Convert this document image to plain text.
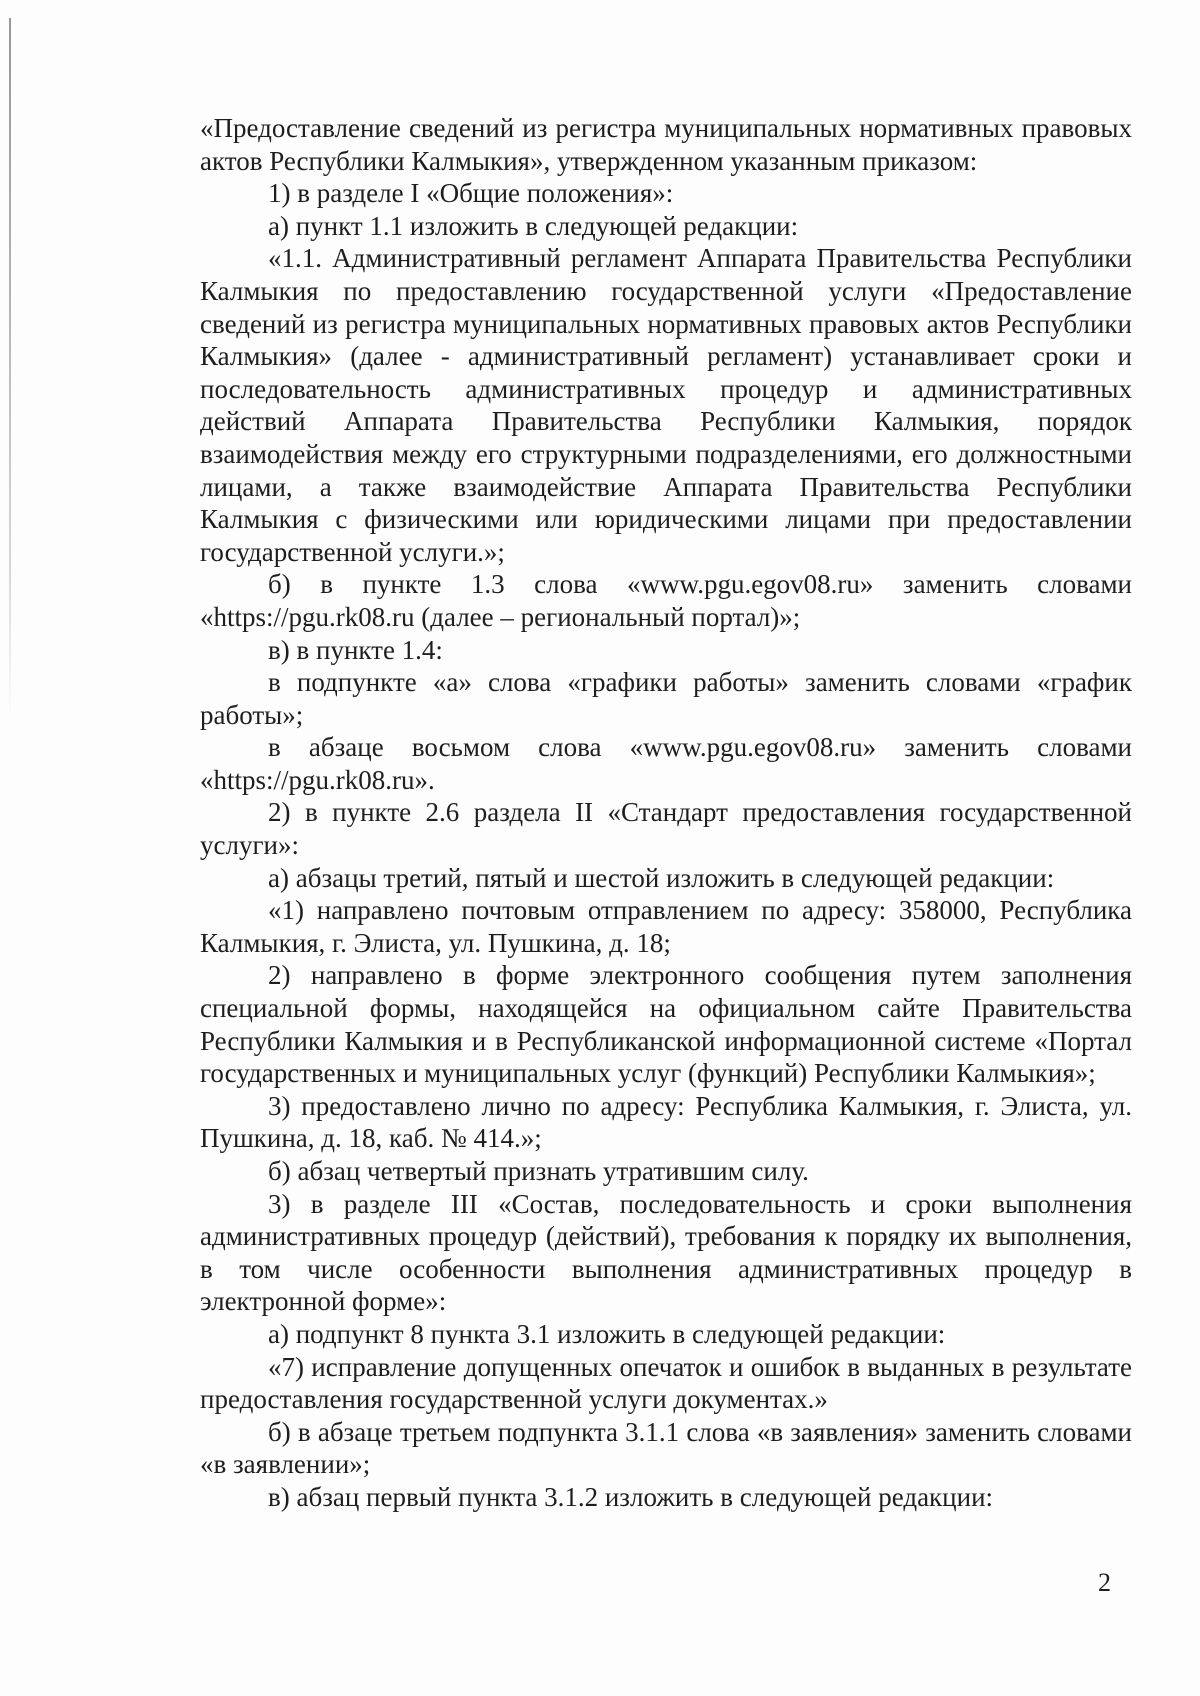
«Предоставление сведений из регистра муниципальных нормативных правовых актов Республики Калмыкия», утвержденном указанным приказом:

1) в разделе I «Общие положения»:

а) пункт 1.1 изложить в следующей редакции:

«1.1. Административный регламент Аппарата Правительства Республики Калмыкия по предоставлению государственной услуги «Предоставление сведений из регистра муниципальных нормативных правовых актов Республики Калмыкия» (далее - административный регламент) устанавливает сроки и последовательность административных процедур и административных действий Аппарата Правительства Республики Калмыкия, порядок взаимодействия между его структурными подразделениями, его должностными лицами, а также взаимодействие Аппарата Правительства Республики Калмыкия с физическими или юридическими лицами при предоставлении государственной услуги.»;

б) в пункте 1.3 слова «www.pgu.egov08.ru» заменить словами «https://pgu.rk08.ru (далее – региональный портал)»;

в) в пункте 1.4:

в подпункте «а» слова «графики работы» заменить словами «график работы»;

в абзаце восьмом слова «www.pgu.egov08.ru» заменить словами «https://pgu.rk08.ru».

2) в пункте 2.6 раздела II «Стандарт предоставления государственной услуги»:

а) абзацы третий, пятый и шестой изложить в следующей редакции:

«1) направлено почтовым отправлением по адресу: 358000, Республика Калмыкия, г. Элиста, ул. Пушкина, д. 18;

2) направлено в форме электронного сообщения путем заполнения специальной формы, находящейся на официальном сайте Правительства Республики Калмыкия и в Республиканской информационной системе «Портал государственных и муниципальных услуг (функций) Республики Калмыкия»;

3) предоставлено лично по адресу: Республика Калмыкия, г. Элиста, ул. Пушкина, д. 18, каб. № 414.»;

б) абзац четвертый признать утратившим силу.

3) в разделе III «Состав, последовательность и сроки выполнения административных процедур (действий), требования к порядку их выполнения, в том числе особенности выполнения административных процедур в электронной форме»:

а) подпункт 8 пункта 3.1 изложить в следующей редакции:

«7) исправление допущенных опечаток и ошибок в выданных в результате предоставления государственной услуги документах.»

б) в абзаце третьем подпункта 3.1.1 слова «в заявления» заменить словами «в заявлении»;

в) абзац первый пункта 3.1.2 изложить в следующей редакции:

2
